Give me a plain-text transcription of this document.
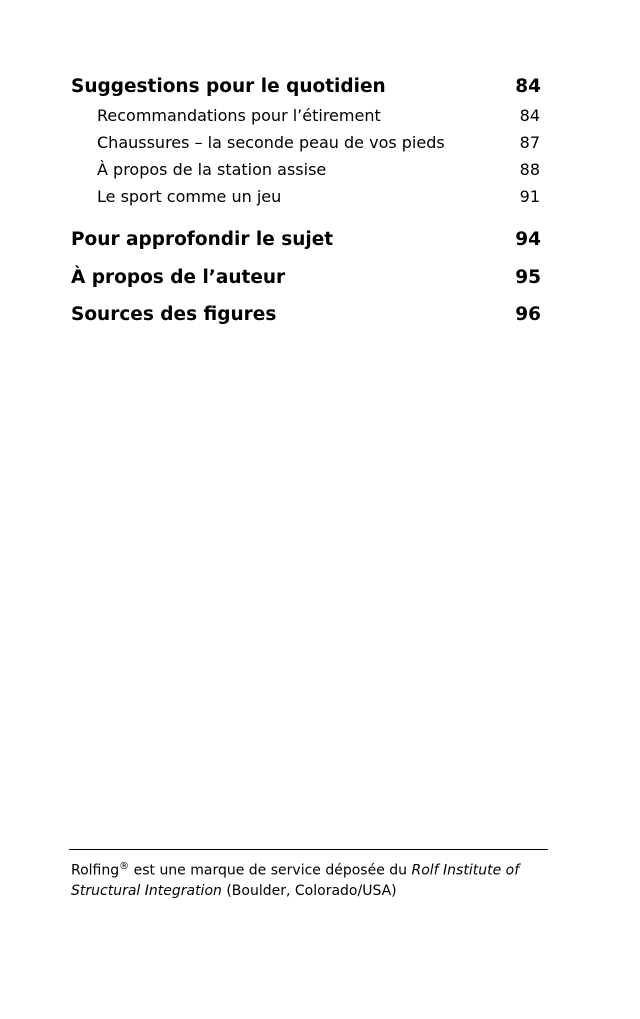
Suggestions pour le quotidien	84
Recommandations pour l’étirement	84
Chaussures – la seconde peau de vos pieds	87
À propos de la station assise	88
Le sport comme un jeu	91
Pour approfondir le sujet	94
À propos de l’auteur	95
Sources des figures	96
Rolfing® est une marque de service déposée du Rolf Institute of Structural Integration (Boulder, Colorado/USA)
